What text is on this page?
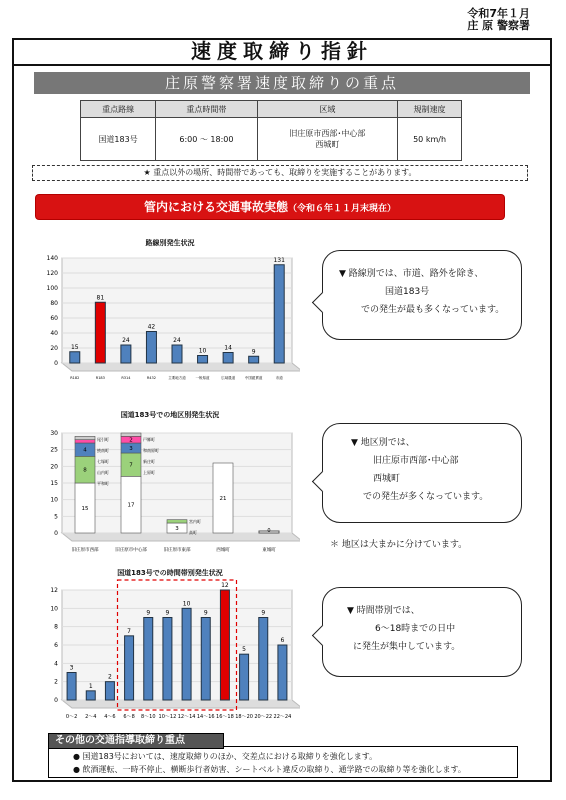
令和7年１月
庄 原 警察署
速度取締り指針
庄原警察署速度取締りの重点
重点路線	重点時間帯	区域	規制速度
国道183号	6:00 ～ 18:00	旧庄原市西部･中心部
西城町	50 km/h
★ 重点以外の場所、時間帯であっても、取締りを実施することがあります。
管内における交通事故実態（令和６年１１月末現在）
路線別発生状況
0
20
40
60
80
100
120
140
15
R182
81
R183
24
R314
42
R432
24
主要地方道
10
一般県道
14
広域農道
9
中国縦貫道
131
市道
国道183号での地区別発生状況
0
5
10
15
20
25
30
15
8
4
旧庄原市西部
17
7
3
2
旧庄原市中心部
3
旧庄原市東部
21
西城町
0
東城町
尾引町
綾南町
七塚町
山内町
平和町
戸郷町
和南原町
新庄町
上原町
宮内町
高町
国道183号での時間帯別発生状況
0
2
4
6
8
10
12
3
0～2
1
2～4
2
4～6
7
6～8
9
8～10
9
10～12
10
12～14
9
14～16
12
16～18
5
18～20
9
20～22
6
22～24
▼ 路線別では、市道、路外を除き、
国道183号
での発生が最も多くなっています。
▼ 地区別では、
旧庄原市西部･中心部
西城町
での発生が多くなっています。
＊ 地区は大まかに分けています。
▼ 時間帯別では、
6～18時までの日中
に発生が集中しています。
● 国道183号においては、速度取締りのほか、交差点における取締りを強化します。
● 飲酒運転、一時不停止、横断歩行者妨害、シートベルト違反の取締り、通学路での取締り等を強化します。
その他の交通指導取締り重点
